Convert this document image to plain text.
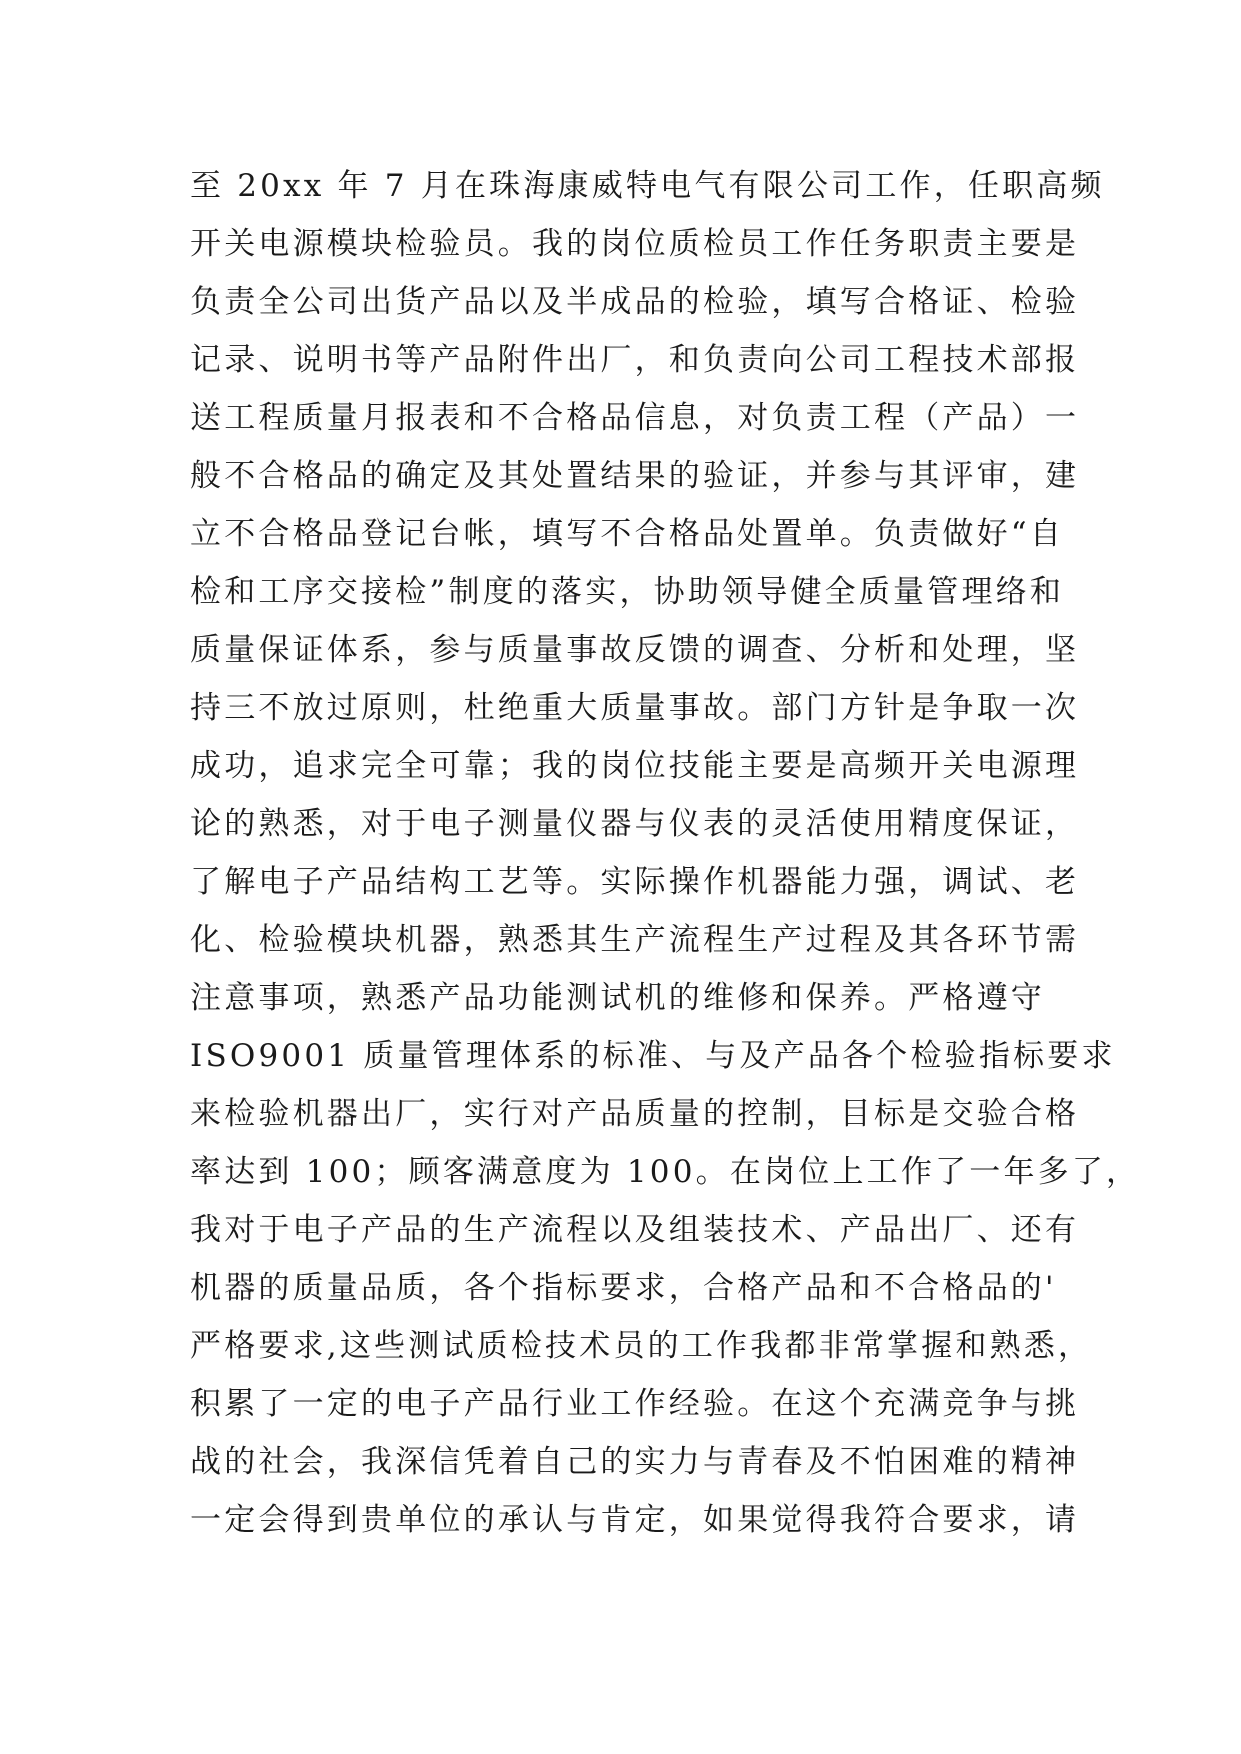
至 20xx 年 7 月在珠海康威特电气有限公司工作，任职高频
开关电源模块检验员。我的岗位质检员工作任务职责主要是
负责全公司出货产品以及半成品的检验，填写合格证、检验
记录、说明书等产品附件出厂，和负责向公司工程技术部报
送工程质量月报表和不合格品信息，对负责工程（产品）一
般不合格品的确定及其处置结果的验证，并参与其评审，建
立不合格品登记台帐，填写不合格品处置单。负责做好“自
检和工序交接检”制度的落实，协助领导健全质量管理络和
质量保证体系，参与质量事故反馈的调查、分析和处理，坚
持三不放过原则，杜绝重大质量事故。部门方针是争取一次
成功，追求完全可靠；我的岗位技能主要是高频开关电源理
论的熟悉，对于电子测量仪器与仪表的灵活使用精度保证，
了解电子产品结构工艺等。实际操作机器能力强，调试、老
化、检验模块机器，熟悉其生产流程生产过程及其各环节需
注意事项，熟悉产品功能测试机的维修和保养。严格遵守
ISO9001 质量管理体系的标准、与及产品各个检验指标要求
来检验机器出厂，实行对产品质量的控制，目标是交验合格
率达到 100；顾客满意度为 100。在岗位上工作了一年多了，
我对于电子产品的生产流程以及组装技术、产品出厂、还有
机器的质量品质，各个指标要求，合格产品和不合格品的'
严格要求,这些测试质检技术员的工作我都非常掌握和熟悉，
积累了一定的电子产品行业工作经验。在这个充满竞争与挑
战的社会，我深信凭着自己的实力与青春及不怕困难的精神
一定会得到贵单位的承认与肯定，如果觉得我符合要求，请
